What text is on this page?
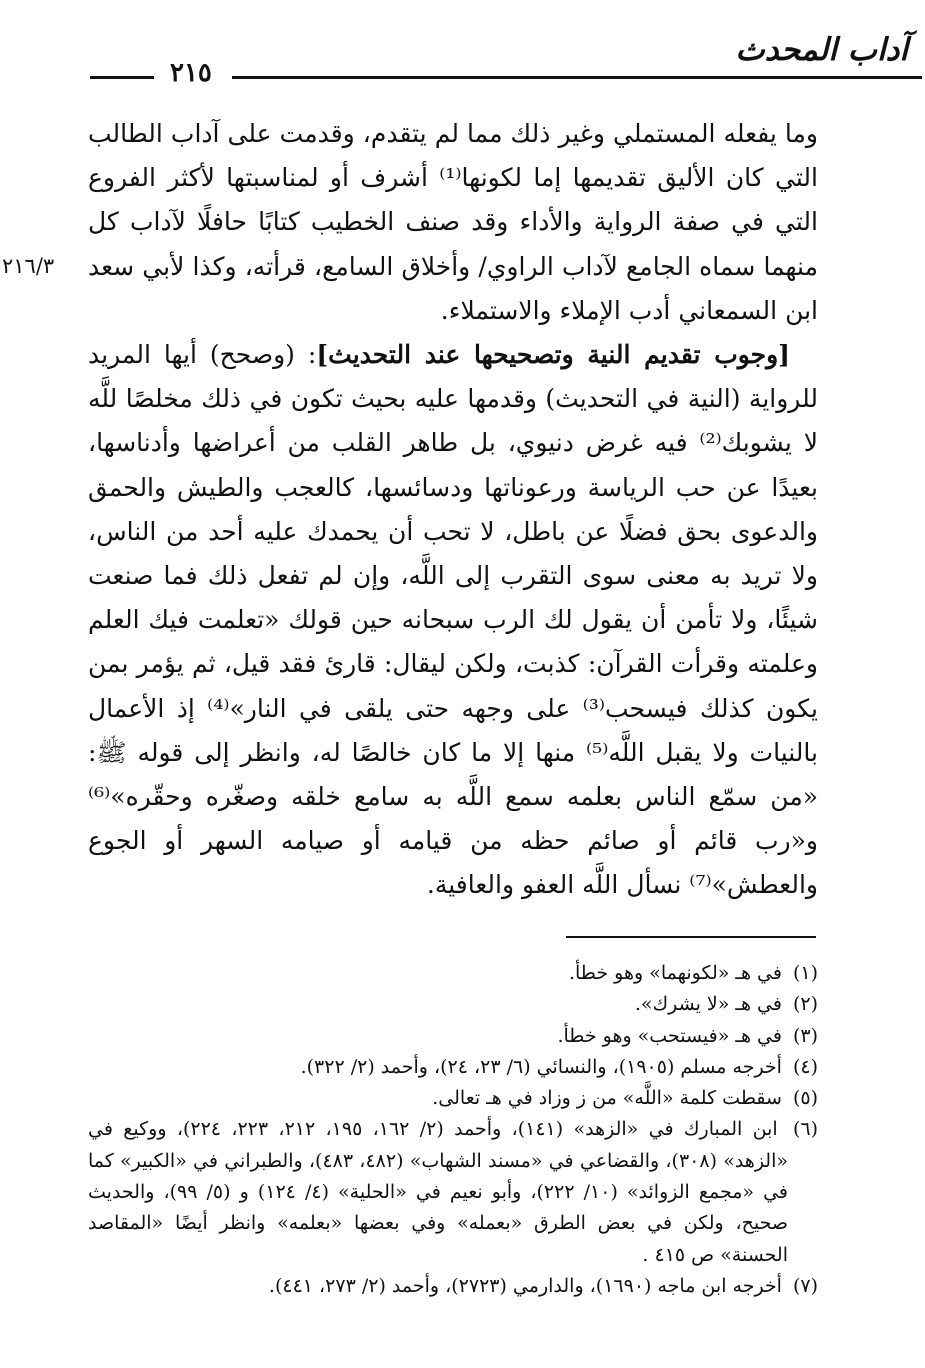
آداب المحدث
٢١٥
٢١٦/٣

وما يفعله المستملي وغير ذلك مما لم يتقدم، وقدمت على آداب الطالب التي كان الأليق تقديمها إما لكونها⁽¹⁾ أشرف أو لمناسبتها لأكثر الفروع التي في صفة الرواية والأداء وقد صنف الخطيب كتابًا حافلًا لآداب كل منهما سماه الجامع لآداب الراوي/ وأخلاق السامع، قرأته، وكذا لأبي سعد ابن السمعاني أدب الإملاء والاستملاء.

[وجوب تقديم النية وتصحيحها عند التحديث]: (وصحح) أيها المريد للرواية (النية في التحديث) وقدمها عليه بحيث تكون في ذلك مخلصًا للَّه لا يشوبك⁽²⁾ فيه غرض دنيوي، بل طاهر القلب من أعراضها وأدناسها، بعيدًا عن حب الرياسة ورعوناتها ودسائسها، كالعجب والطيش والحمق والدعوى بحق فضلًا عن باطل، لا تحب أن يحمدك عليه أحد من الناس، ولا تريد به معنى سوى التقرب إلى اللَّه، وإن لم تفعل ذلك فما صنعت شيئًا، ولا تأمن أن يقول لك الرب سبحانه حين قولك «تعلمت فيك العلم وعلمته وقرأت القرآن: كذبت، ولكن ليقال: قارئ فقد قيل، ثم يؤمر بمن يكون كذلك فيسحب⁽³⁾ على وجهه حتى يلقى في النار»⁽⁴⁾ إذ الأعمال بالنيات ولا يقبل اللَّه⁽⁵⁾ منها إلا ما كان خالصًا له، وانظر إلى قوله ﷺ: «من سمّع الناس بعلمه سمع اللَّه به سامع خلقه وصغّره وحقّره»⁽⁶⁾ و«رب قائم أو صائم حظه من قيامه أو صيامه السهر أو الجوع والعطش»⁽⁷⁾ نسأل اللَّه العفو والعافية.

(١) في هـ «لكونهما» وهو خطأ.

(٢) في هـ «لا يشرك».

(٣) في هـ «فيستحب» وهو خطأ.

(٤) أخرجه مسلم (١٩٠٥)، والنسائي (٦/ ٢٣، ٢٤)، وأحمد (٢/ ٣٢٢).

(٥) سقطت كلمة «اللَّه» من ز وزاد في هـ تعالى.

(٦) ابن المبارك في «الزهد» (١٤١)، وأحمد (٢/ ١٦٢، ١٩٥، ٢١٢، ٢٢٣، ٢٢٤)، ووكيع في «الزهد» (٣٠٨)، والقضاعي في «مسند الشهاب» (٤٨٢، ٤٨٣)، والطبراني في «الكبير» كما في «مجمع الزوائد» (١٠/ ٢٢٢)، وأبو نعيم في «الحلية» (٤/ ١٢٤) و (٥/ ٩٩)، والحديث صحيح، ولكن في بعض الطرق «بعمله» وفي بعضها «بعلمه» وانظر أيضًا «المقاصد الحسنة» ص ٤١٥ .

(٧) أخرجه ابن ماجه (١٦٩٠)، والدارمي (٢٧٢٣)، وأحمد (٢/ ٢٧٣، ٤٤١).
